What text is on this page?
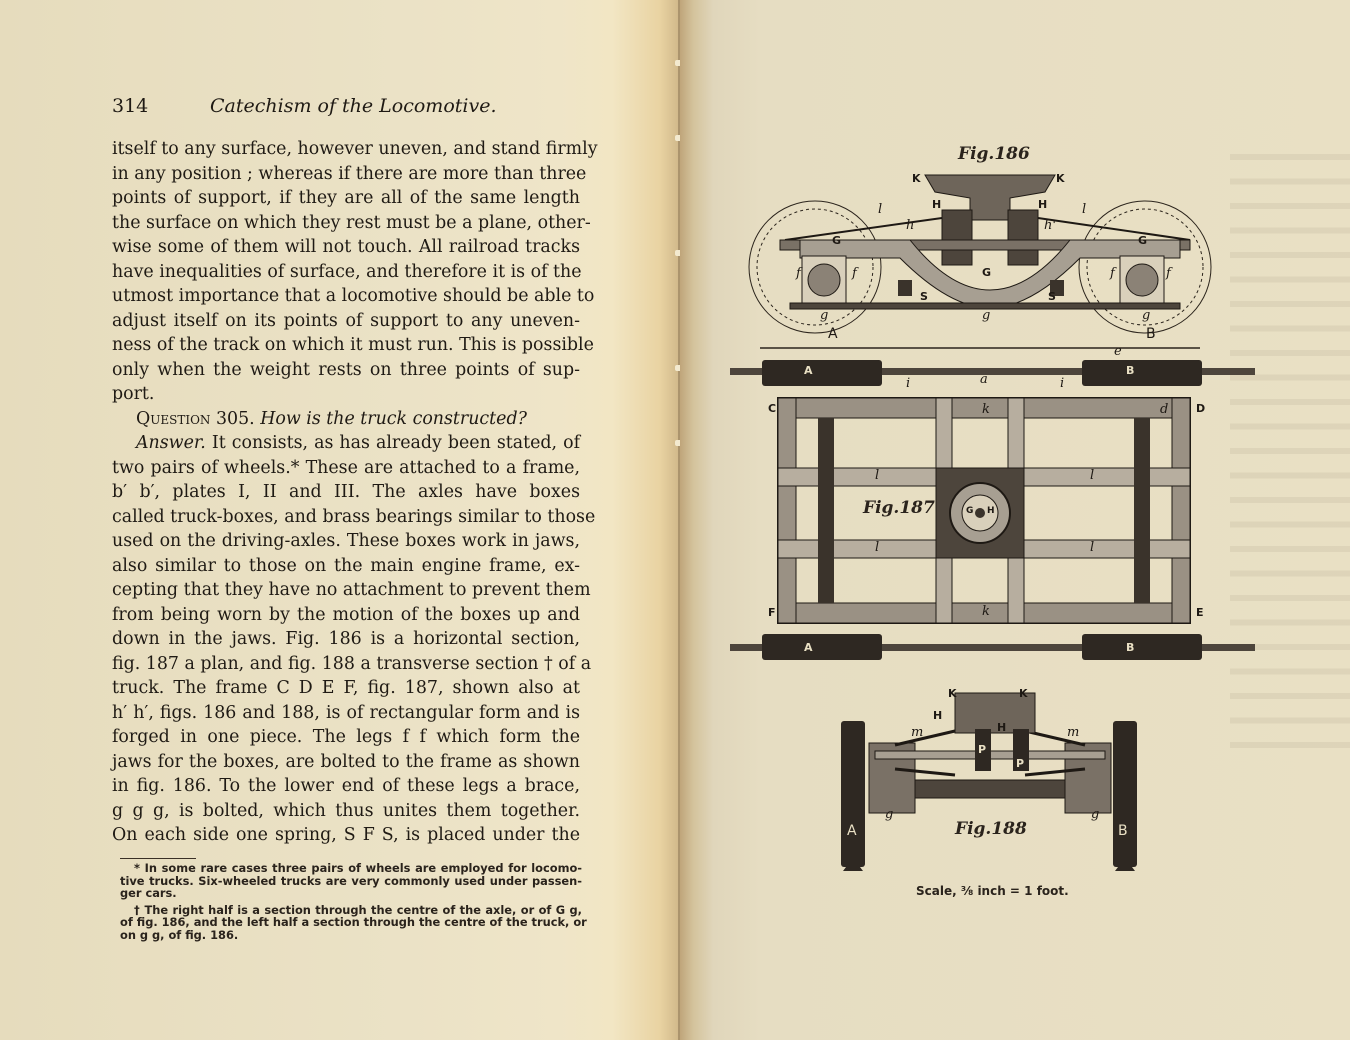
314	Catechism of the Locomotive.
itself to any surface, however uneven, and stand firmly
in any position ; whereas if there are more than three
points of support, if they are all of the same length
the surface on which they rest must be a plane, other-
wise some of them will not touch. All railroad tracks
have inequalities of surface, and therefore it is of the
utmost importance that a locomotive should be able to
adjust itself on its points of support to any uneven-
ness of the track on which it must run. This is possible
only when the weight rests on three points of sup-
port.
Question 305. How is the truck constructed?
Answer. It consists, as has already been stated, of
two pairs of wheels.* These are attached to a frame,
b′ b′, plates I, II and III. The axles have boxes
called truck-boxes, and brass bearings similar to those
used on the driving-axles. These boxes work in jaws,
also similar to those on the main engine frame, ex-
cepting that they have no attachment to prevent them
from being worn by the motion of the boxes up and
down in the jaws. Fig. 186 is a horizontal section,
fig. 187 a plan, and fig. 188 a transverse section † of a
truck. The frame C D E F, fig. 187, shown also at
h′ h′, figs. 186 and 188, is of rectangular form and is
forged in one piece. The legs f f which form the
jaws for the boxes, are bolted to the frame as shown
in fig. 186. To the lower end of these legs a brace,
g g g, is bolted, which thus unites them together.
On each side one spring, S F S, is placed under the
* In some rare cases three pairs of wheels are employed for locomo-
tive trucks. Six-wheeled trucks are very commonly used under passen-
ger cars.
† The right half is a section through the centre of the axle, or of G g,
of fig. 186, and the left half a section through the centre of the truck, or
on g g, of fig. 186.
Fig.186
K	K
H	H
l	l
h	h'
G	G
G
f	f	f	f
g	g	g
S	S
A	B
e
Fig.187
A	B
A	B
a
i	i
C	D
E
F
k
k
d
l	l
l	l
G H
Fig.188
K	K
H
H
m	m
P
P
g	g
A	B
Scale, ⅜ inch = 1 foot.
